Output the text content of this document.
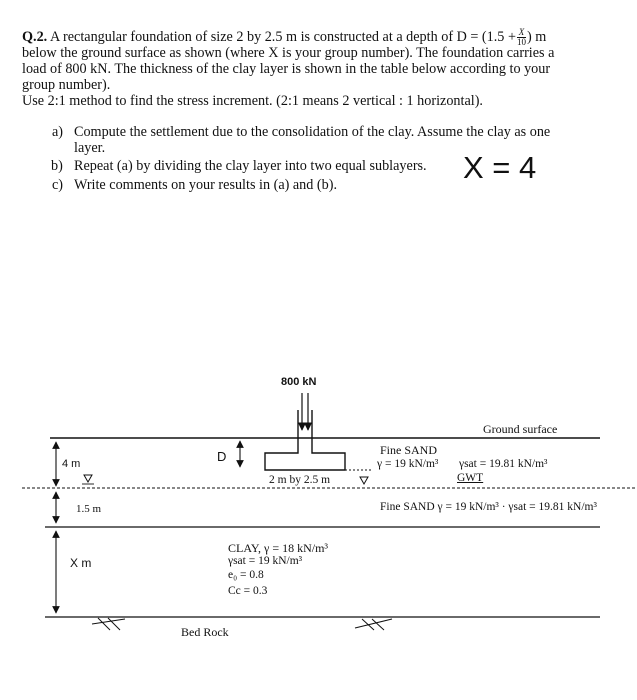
Q.2. A rectangular foundation of size 2 by 2.5 m is constructed at a depth of $D = (1.5 + \frac{X}{10}$ ) m
below the ground surface as shown (where X is your group number). The foundation carries a
load of 800 kN. The thickness of the clay layer is shown in the table below according to your
group number).
Use 2:1 method to find the stress increment. (2:1 means 2 vertical : 1 horizontal).
a) Compute the settlement due to the consolidation of the clay. Assume the clay as one
layer.
b) Repeat (a) by dividing the clay layer into two equal sublayers.
c) Write comments on your results in (a) and (b).	X = 4
800 kN
Ground surface
D
2 m by 2.5 m
4 m
1.5 m
X m
Fine SAND
γ = 19 kN/m³ γsat = 19.81 kN/m³
GWT
Fine SAND γ = 19 kN/m³ · γsat = 19.81 kN/m³
CLAY, γ = 18 kN/m³
γsat = 19 kN/m³
e₀ = 0.8
Cc = 0.3
Bed Rock
